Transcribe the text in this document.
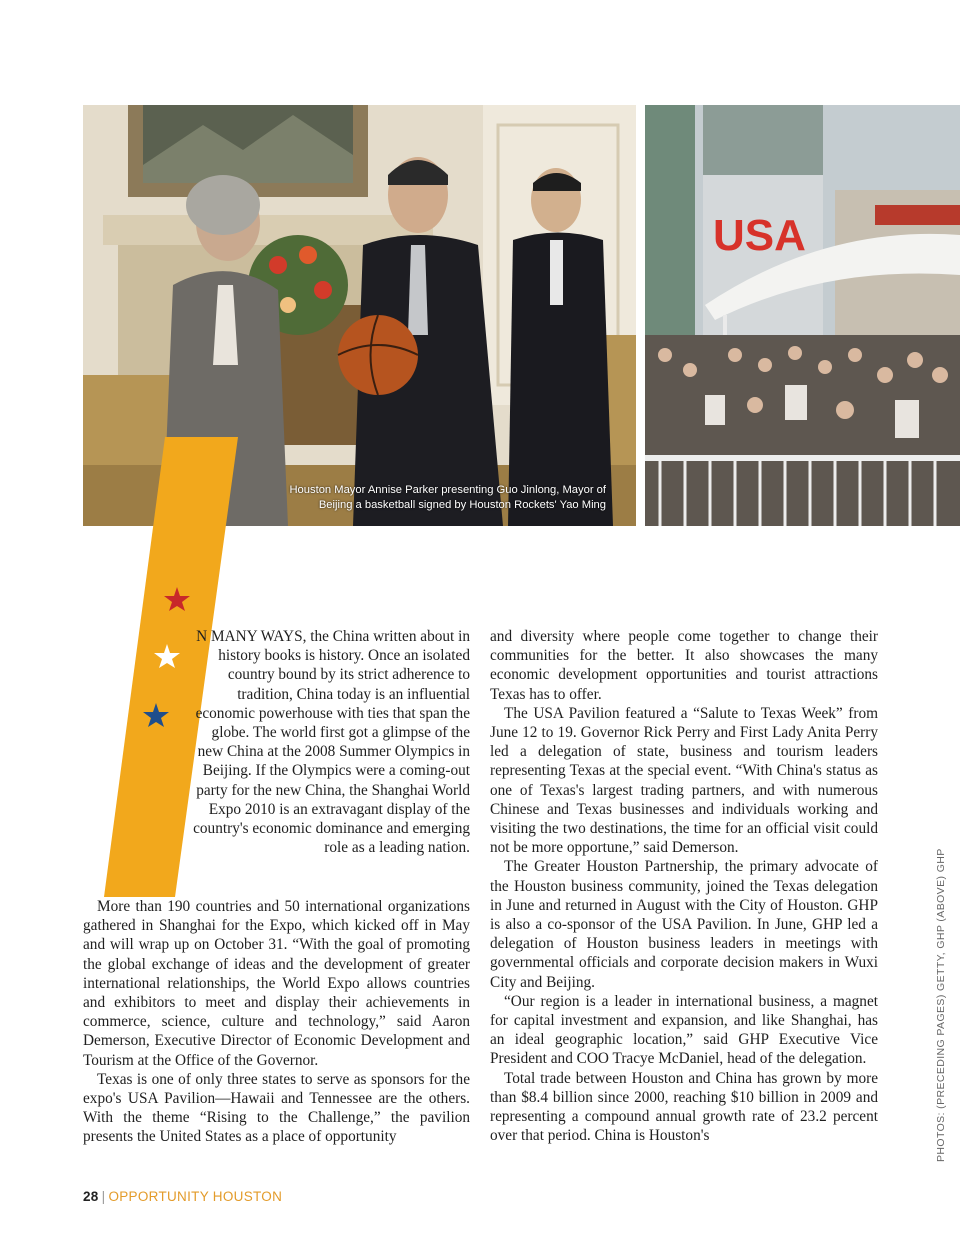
Houston Mayor Annise Parker presenting Guo Jinlong, Mayor of Beijing a basketball signed by Houston Rockets' Yao Ming
USA

N MANY WAYS, the China written about in history books is history. Once an isolated country bound by its strict adherence to tradition, China today is an influential economic powerhouse with ties that span the globe. The world first got a glimpse of the new China at the 2008 Summer Olympics in Beijing. If the Olympics were a coming-out party for the new China, the Shanghai World Expo 2010 is an extravagant display of the country's economic dominance and emerging role as a leading nation.

More than 190 countries and 50 international organizations gathered in Shanghai for the Expo, which kicked off in May and will wrap up on October 31. “With the goal of promoting the global exchange of ideas and the development of greater international relationships, the World Expo allows countries and exhibitors to meet and display their achievements in commerce, science, culture and technology,” said Aaron Demerson, Executive Director of Economic Development and Tourism at the Office of the Governor.

Texas is one of only three states to serve as sponsors for the expo's USA Pavilion—Hawaii and Tennessee are the others. With the theme “Rising to the Challenge,” the pavilion presents the United States as a place of opportunity

and diversity where people come together to change their communities for the better. It also showcases the many economic development opportunities and tourist attractions Texas has to offer.

The USA Pavilion featured a “Salute to Texas Week” from June 12 to 19. Governor Rick Perry and First Lady Anita Perry led a delegation of state, business and tourism leaders representing Texas at the special event. “With China's status as one of Texas's largest trading partners, and with numerous Chinese and Texas businesses and individuals working and visiting the two destinations, the time for an official visit could not be more opportune,” said Demerson.

The Greater Houston Partnership, the primary advocate of the Houston business community, joined the Texas delegation in June and returned in August with the City of Houston. GHP is also a co-sponsor of the USA Pavilion. In June, GHP led a delegation of Houston business leaders in meetings with governmental officials and corporate decision makers in Wuxi City and Beijing.

“Our region is a leader in international business, a magnet for capital investment and expansion, and like Shanghai, has an ideal geographic location,” said GHP Executive Vice President and COO Tracye McDaniel, head of the delegation.

Total trade between Houston and China has grown by more than $8.4 billion since 2000, reaching $10 billion in 2009 and representing a compound annual growth rate of 23.2 percent over that period. China is Houston's

28 | OPPORTUNITY HOUSTON
PHOTOS: (PRECEDING PAGES) GETTY, GHP (ABOVE) GHP
